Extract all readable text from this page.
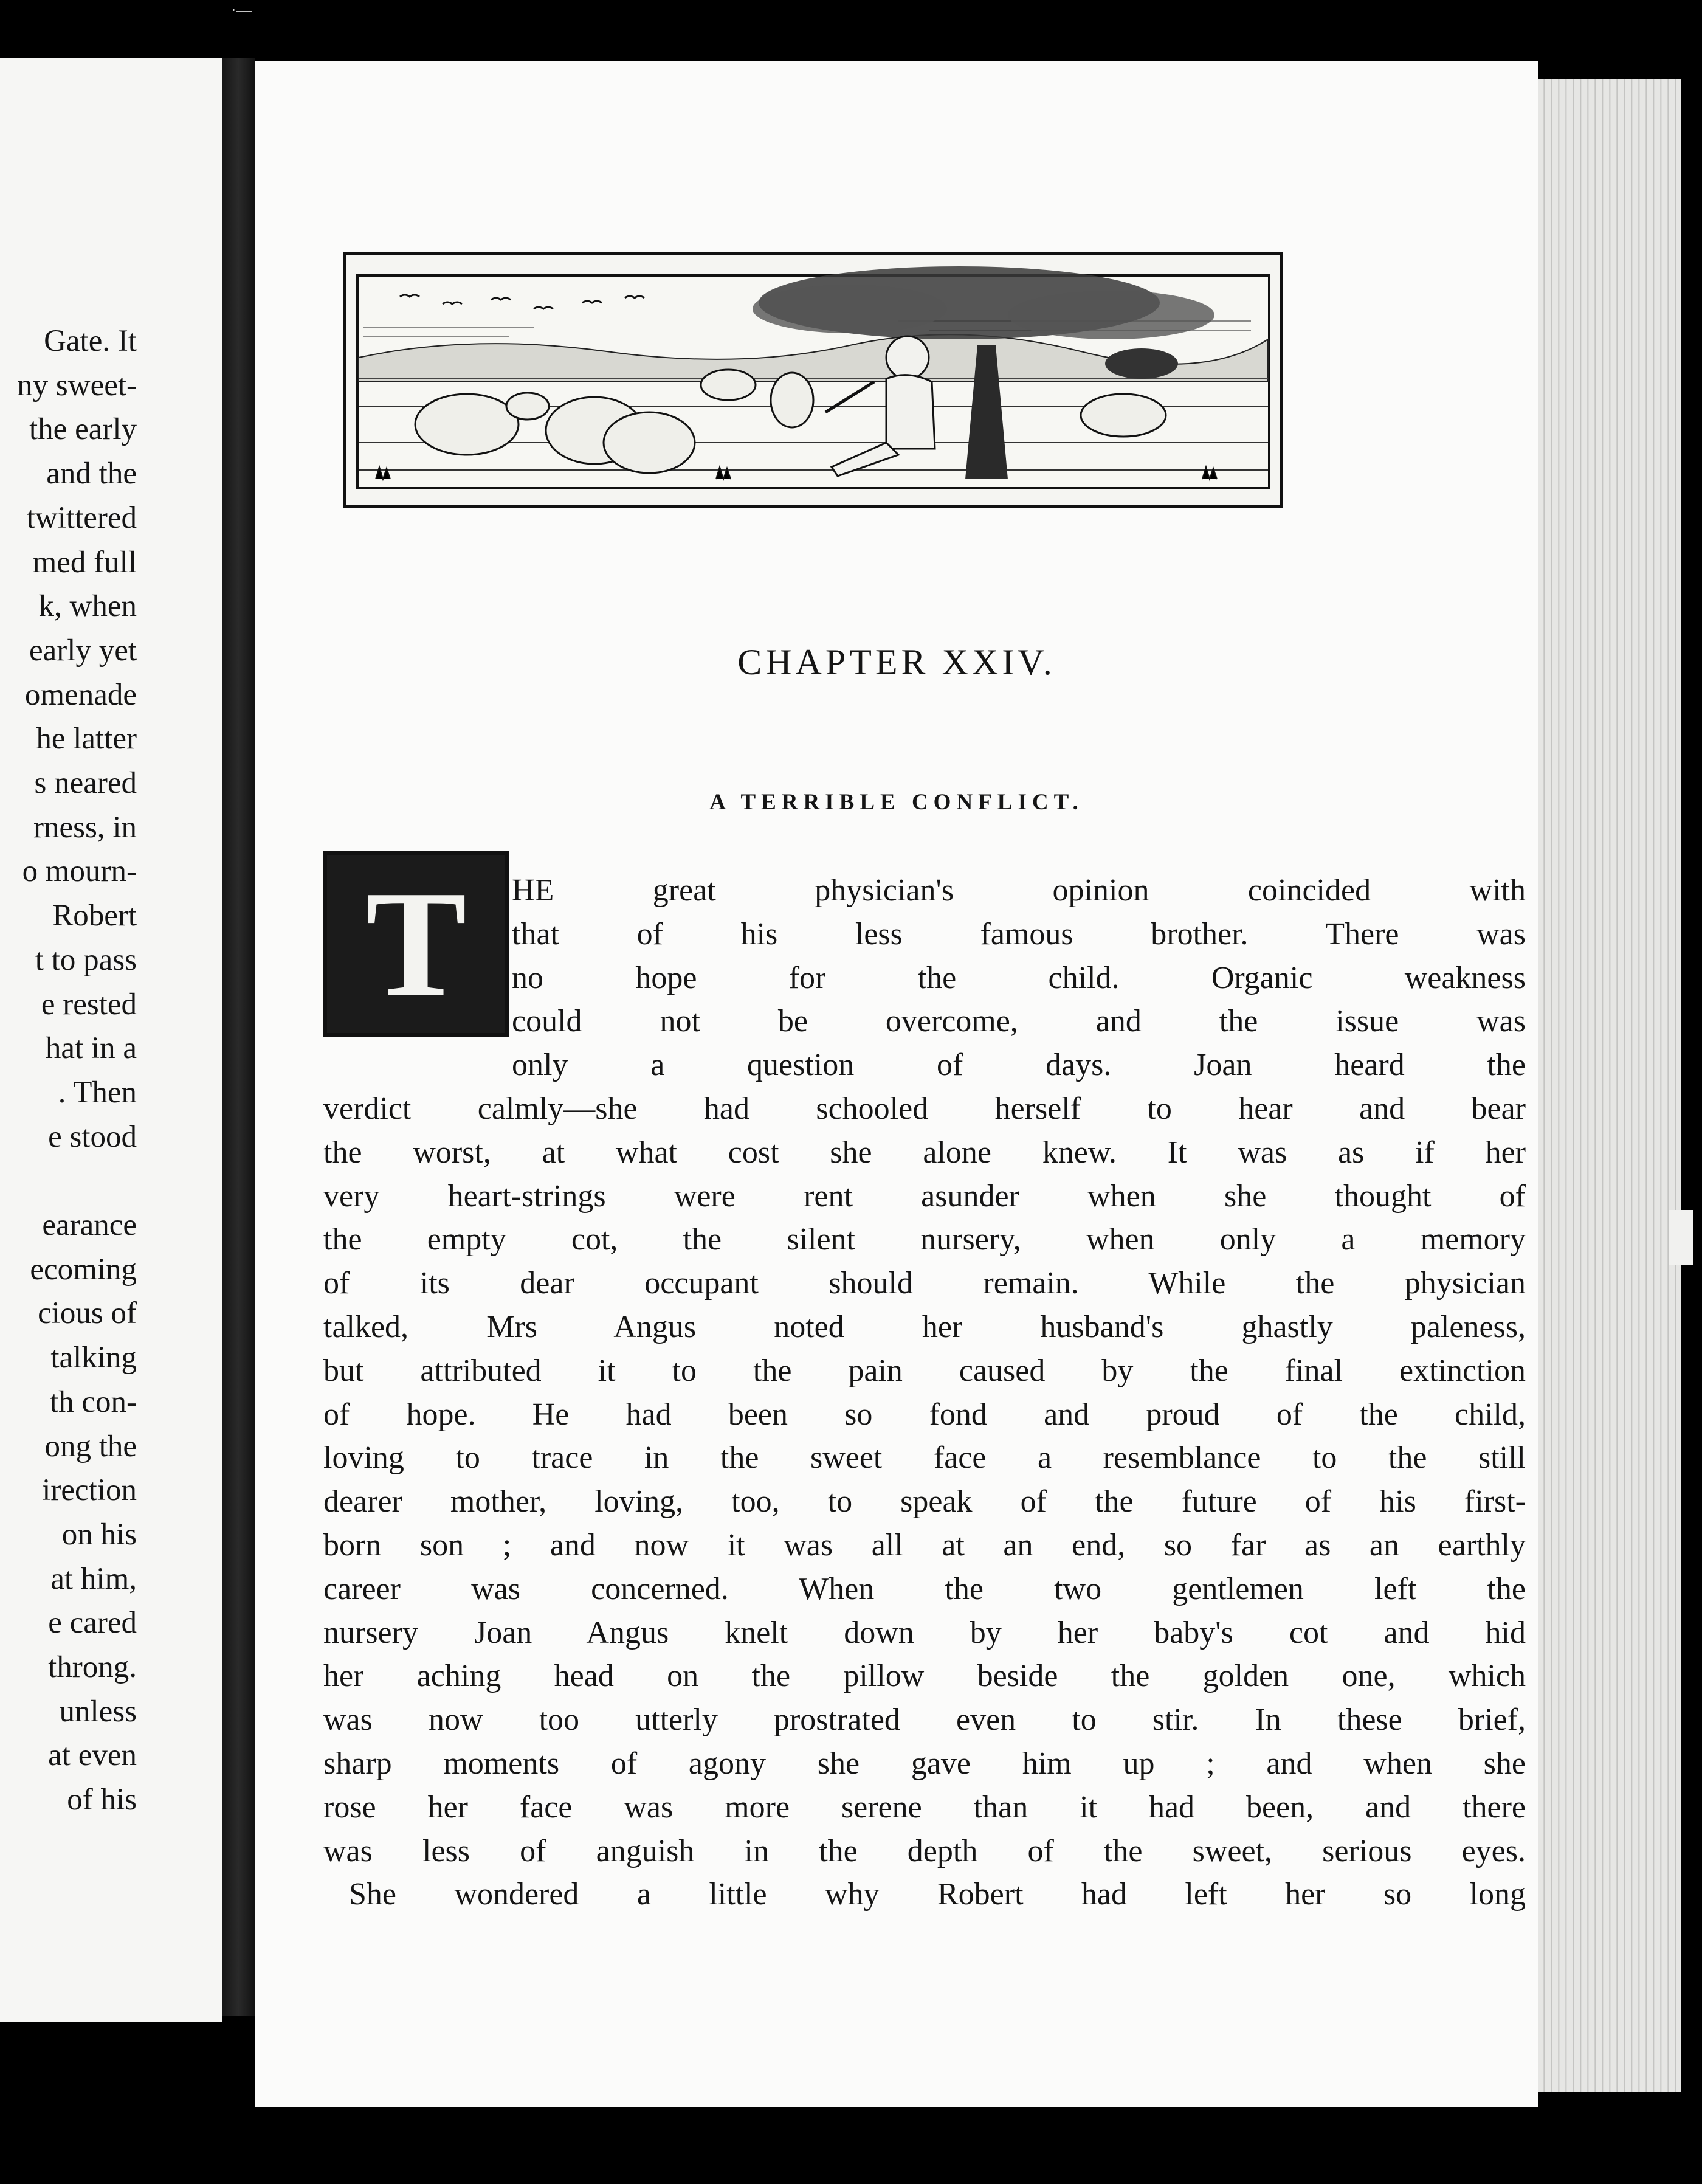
·—
Gate. It
ny sweet-
the early
and the
twittered
med full
k, when
early yet
omenade
he latter
s neared
rness, in
o mourn-
Robert
t to pass
e rested
hat in a
. Then
e stood
earance
ecoming
cious of
talking
th con-
ong the
irection
on his
at him,
e cared
throng.
unless
at even
of his
CHAPTER XXIV.
A TERRIBLE CONFLICT.
T	HE great physician's opinion coincided with
that of his less famous brother. There was
no hope for the child. Organic weakness
could not be overcome, and the issue was
only a question of days. Joan heard the
verdict calmly—she had schooled herself to hear and bear
the worst, at what cost she alone knew. It was as if her
very heart-strings were rent asunder when she thought of
the empty cot, the silent nursery, when only a memory
of its dear occupant should remain. While the physician
talked, Mrs Angus noted her husband's ghastly paleness,
but attributed it to the pain caused by the final extinction
of hope. He had been so fond and proud of the child,
loving to trace in the sweet face a resemblance to the still
dearer mother, loving, too, to speak of the future of his first-
born son ; and now it was all at an end, so far as an earthly
career was concerned. When the two gentlemen left the
nursery Joan Angus knelt down by her baby's cot and hid
her aching head on the pillow beside the golden one, which
was now too utterly prostrated even to stir. In these brief,
sharp moments of agony she gave him up ; and when she
rose her face was more serene than it had been, and there
was less of anguish in the depth of the sweet, serious eyes.
She wondered a little why Robert had left her so long
